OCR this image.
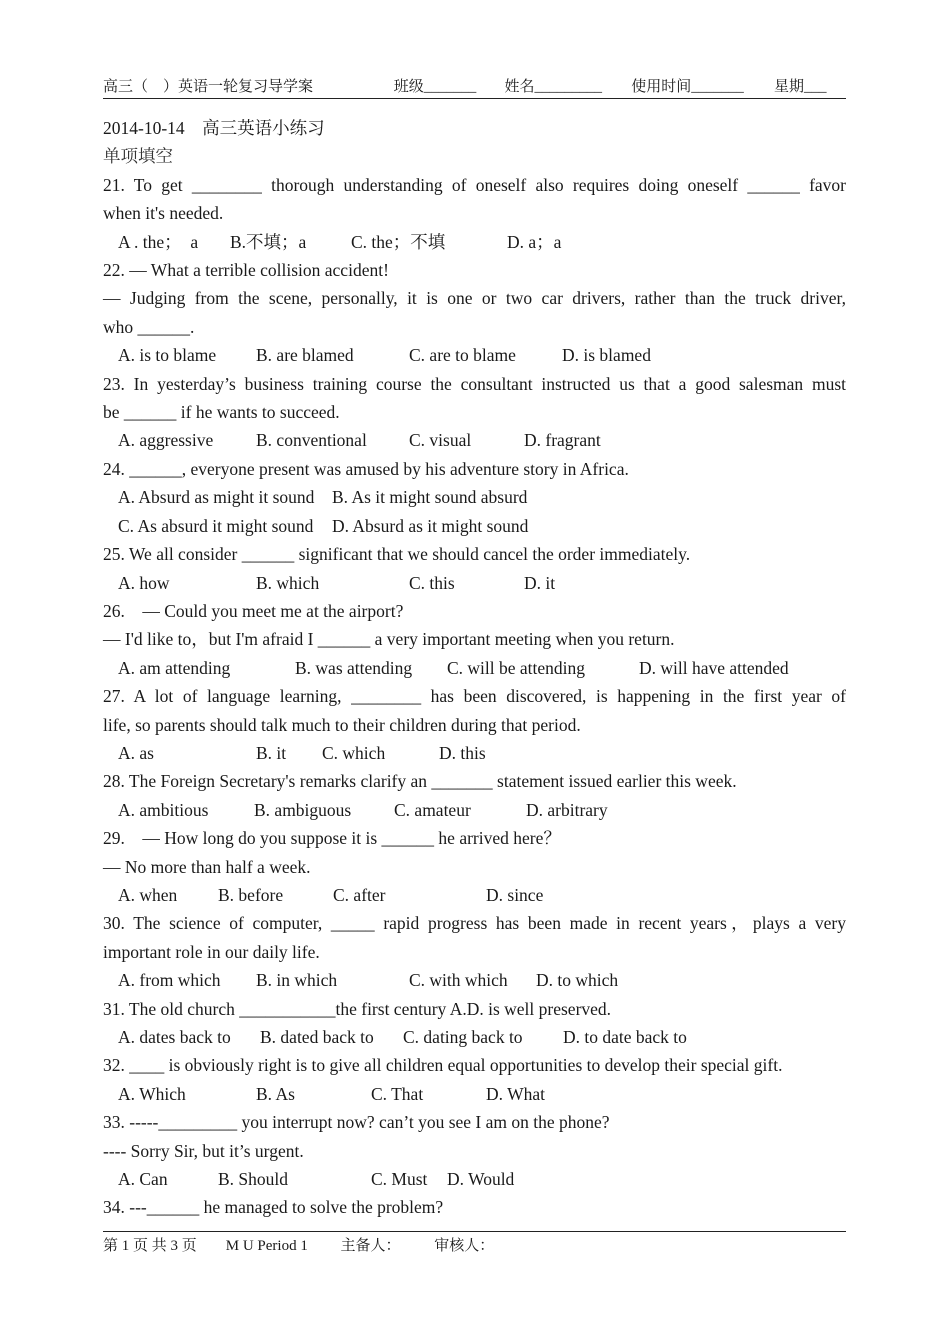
高三（　）英语一轮复习导学案	班级_______ 姓名_________ 使用时间_______ 星期___
2014-10-14　高三英语小练习
单项填空
21. To get ________ thorough understanding of oneself also requires doing oneself ______ favor
when it's needed.
A . the；　a	B.不填；a	C. the；不填	D. a；a
22. — What a terrible collision accident!
— Judging from the scene, personally, it is one or two car drivers, rather than the truck driver,
who ______.
A. is to blame	B. are blamed	C. are to blame	D. is blamed
23. In yesterday’s business training course the consultant instructed us that a good salesman must
be ______ if he wants to succeed.
A. aggressive	B. conventional	C. visual	D. fragrant
24. ______, everyone present was amused by his adventure story in Africa.
A. Absurd as might it sound	B. As it might sound absurd
C. As absurd it might sound	D. Absurd as it might sound
25. We all consider ______ significant that we should cancel the order immediately.
A. how	B. which	C. this	D. it
26.　— Could you meet me at the airport?
— I'd like to，but I'm afraid I ______ a very important meeting when you return.
A. am attending	B. was attending	C. will be attending	D. will have attended
27. A lot of language learning, ________ has been discovered, is happening in the first year of
life, so parents should talk much to their children during that period.
A. as	B. it	C. which	D. this
28. The Foreign Secretary's remarks clarify an _______ statement issued earlier this week.
A. ambitious	B. ambiguous	C. amateur	D. arbitrary
29.　— How long do you suppose it is ______ he arrived here？
— No more than half a week.
A. when	B. before	C. after	D. since
30. The science of computer, _____ rapid progress has been made in recent years，plays a very
important role in our daily life.
A. from which	B. in which	C. with which	D. to which
31. The old church ___________the first century A.D. is well preserved.
A. dates back to	B. dated back to	C. dating back to	D. to date back to
32. ____ is obviously right is to give all children equal opportunities to develop their special gift.
A. Which	B. As	C. That	D. What
33. -----_________ you interrupt now? can’t you see I am on the phone?
---- Sorry Sir, but it’s urgent.
A. Can	B. Should	C. Must	D. Would
34. ---______ he managed to solve the problem?
第 1 页 共 3 页 M U Period 1 主备人： 审核人：
